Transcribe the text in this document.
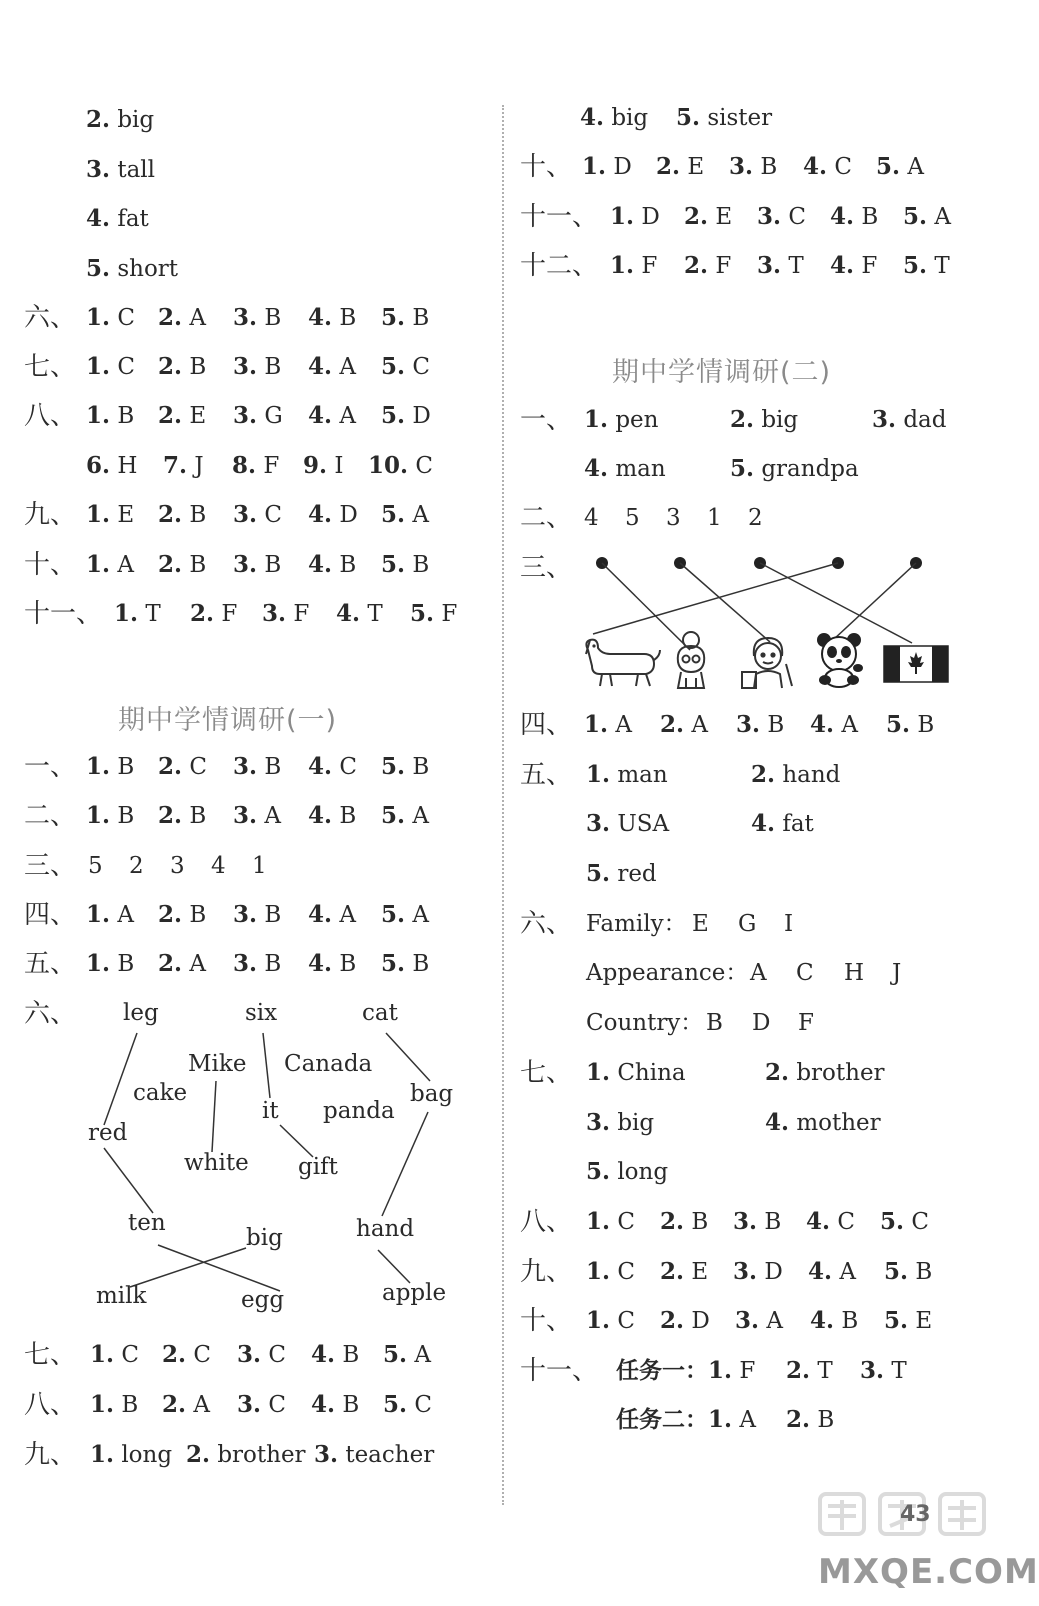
2. big
3. tall
4. fat
5. short
六、 1. C 2. A 3. B 4. B 5. B
七、 1. C 2. B 3. B 4. A 5. C
八、 1. B 2. E 3. G 4. A 5. D
6. H 7. J 8. F 9. I 10. C
九、 1. E 2. B 3. C 4. D 5. A
十、 1. A 2. B 3. B 4. B 5. B
十一、 1. T 2. F 3. F 4. T 5. F
期中学情调研(一)
一、 1. B 2. C 3. B 4. C 5. B
二、 1. B 2. B 3. A 4. B 5. A
三、 5 2 3 4 1
四、 1. A 2. B 3. B 4. A 5. A
五、 1. B 2. A 3. B 4. B 5. B
六、 leg	six	cat
Mike Canada
cake	bag
it panda
red
white gift
ten
big	hand
milk	egg	apple
七、 1. C 2. C 3. C 4. B 5. A
八、 1. B 2. A 3. C 4. B 5. C
九、 1. long 2. brother 3. teacher
4. big 5. sister
十、 1. D 2. E 3. B 4. C 5. A
十一、 1. D 2. E 3. C 4. B 5. A
十二、 1. F 2. F 3. T 4. F 5. T
期中学情调研(二)
一、 1. pen	2. big	3. dad
4. man	5. grandpa
二、 4 5 3 1 2
三、
四、 1. A 2. A 3. B 4. A 5. B
五、 1. man	2. hand
3. USA	4. fat
5. red
六、 Family： E G I
Appearance： A C H J
Country： B D F
七、 1. China	2. brother
3. big	4. mother
5. long
八、 1. C 2. B 3. B 4. C 5. C
九、 1. C 2. E 3. D 4. A 5. B
十、 1. C 2. D 3. A 4. B 5. E
十一、 任务一：1. F 2. T 3. T
任务二：1. A 2. B
43
MXQE.COM
